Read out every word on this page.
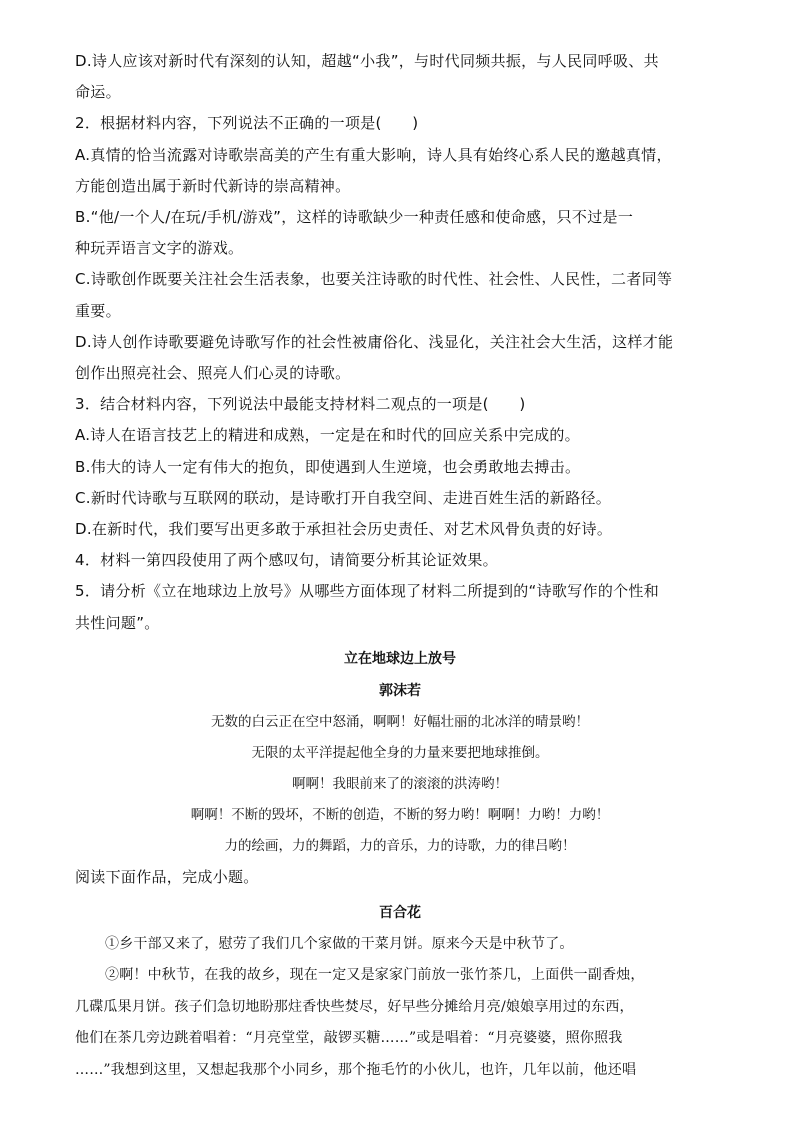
D.诗人应该对新时代有深刻的认知，超越“小我”，与时代同频共振，与人民同呼吸、共
命运。
2．根据材料内容，下列说法不正确的一项是(　　)
A.真情的恰当流露对诗歌崇高美的产生有重大影响，诗人具有始终心系人民的邀越真情，
方能创造出属于新时代新诗的崇高精神。
B.“他/一个人/在玩/手机/游戏”，这样的诗歌缺少一种责任感和使命感，只不过是一
种玩弄语言文字的游戏。
C.诗歌创作既要关注社会生活表象，也要关注诗歌的时代性、社会性、人民性，二者同等
重要。
D.诗人创作诗歌要避免诗歌写作的社会性被庸俗化、浅显化，关注社会大生活，这样才能
创作出照亮社会、照亮人们心灵的诗歌。
3．结合材料内容，下列说法中最能支持材料二观点的一项是(　　)
A.诗人在语言技艺上的精进和成熟，一定是在和时代的回应关系中完成的。
B.伟大的诗人一定有伟大的抱负，即使遇到人生逆境，也会勇敢地去搏击。
C.新时代诗歌与互联网的联动，是诗歌打开自我空间、走进百姓生活的新路径。
D.在新时代，我们要写出更多敢于承担社会历史责任、对艺术风骨负责的好诗。
4．材料一第四段使用了两个感叹句，请简要分析其论证效果。
5．请分析《立在地球边上放号》从哪些方面体现了材料二所提到的“诗歌写作的个性和
共性问题”。
立在地球边上放号
郭沫若
无数的白云正在空中怒涌，啊啊！好幅壮丽的北冰洋的晴景哟！
无限的太平洋提起他全身的力量来要把地球推倒。
啊啊！我眼前来了的滚滚的洪涛哟！
啊啊！不断的毁坏，不断的创造，不断的努力哟！啊啊！力哟！力哟！
力的绘画，力的舞蹈，力的音乐，力的诗歌，力的律吕哟！
阅读下面作品，完成小题。
百合花
①乡干部又来了，慰劳了我们几个家做的干菜月饼。原来今天是中秋节了。
②啊！中秋节，在我的故乡，现在一定又是家家门前放一张竹茶几，上面供一副香烛，
几碟瓜果月饼。孩子们急切地盼那炷香快些焚尽，好早些分摊给月亮/娘娘享用过的东西，
他们在茶几旁边跳着唱着：“月亮堂堂，敲锣买糖……”或是唱着：“月亮婆婆，照你照我
……”我想到这里，又想起我那个小同乡，那个拖毛竹的小伙儿，也许，几年以前，他还唱
